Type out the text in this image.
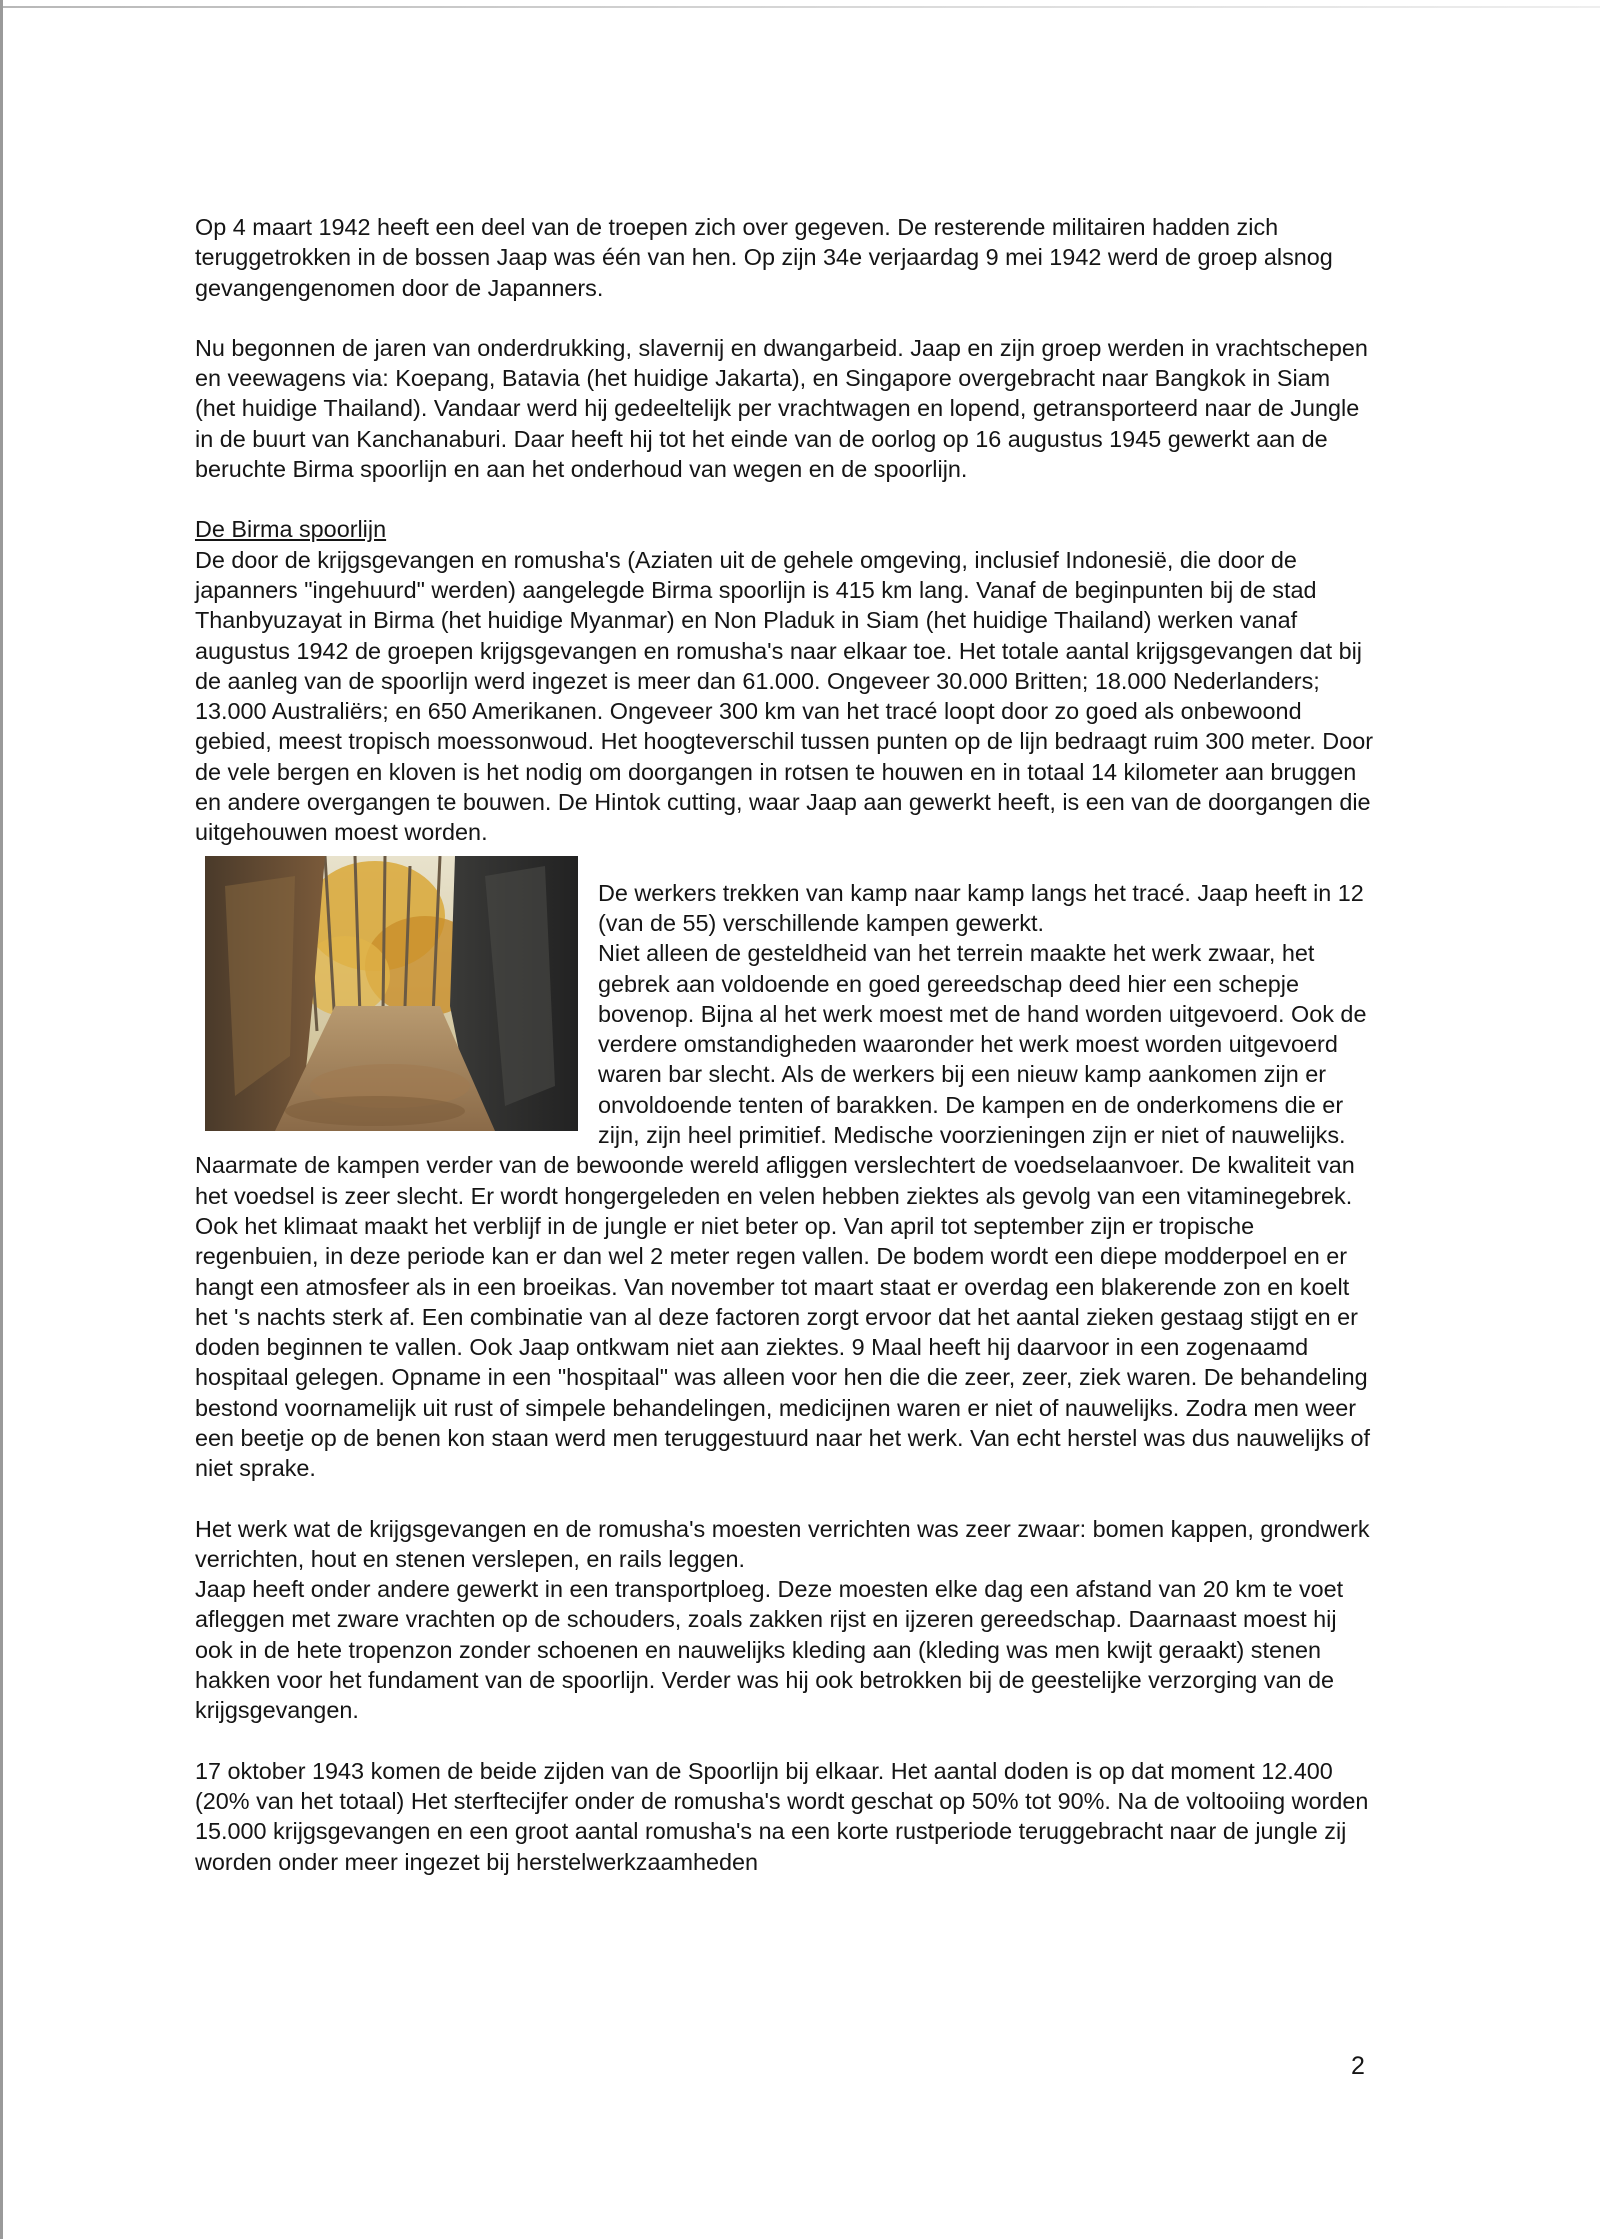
Op 4 maart 1942 heeft een deel van de troepen zich over gegeven. De resterende militairen hadden zich teruggetrokken in de bossen Jaap was één van hen. Op zijn 34e verjaardag 9 mei 1942 werd de groep alsnog gevangengenomen door de Japanners.

Nu begonnen de jaren van onderdrukking, slavernij en dwangarbeid. Jaap en zijn groep werden in vrachtschepen en veewagens via: Koepang, Batavia (het huidige Jakarta), en Singapore overgebracht naar Bangkok in Siam (het huidige Thailand). Vandaar werd hij gedeeltelijk per vrachtwagen en lopend, getransporteerd naar de Jungle in de buurt van Kanchanaburi. Daar heeft hij tot het einde van de oorlog op 16 augustus 1945 gewerkt aan de beruchte Birma spoorlijn en aan het onderhoud van wegen en de spoorlijn.

De Birma spoorlijn

De door de krijgsgevangen en romusha's (Aziaten uit de gehele omgeving, inclusief Indonesië, die door de japanners "ingehuurd" werden) aangelegde Birma spoorlijn is 415 km lang. Vanaf de beginpunten bij de stad Thanbyuzayat in Birma (het huidige Myanmar) en Non Pladuk in Siam (het huidige Thailand) werken vanaf augustus 1942 de groepen krijgsgevangen en romusha's naar elkaar toe. Het totale aantal krijgsgevangen dat bij de aanleg van de spoorlijn werd ingezet is meer dan 61.000. Ongeveer 30.000 Britten; 18.000 Nederlanders; 13.000 Australiërs; en 650 Amerikanen. Ongeveer 300 km van het tracé loopt door zo goed als onbewoond gebied, meest tropisch moessonwoud. Het hoogteverschil tussen punten op de lijn bedraagt ruim 300 meter. Door de vele bergen en kloven is het nodig om doorgangen in rotsen te houwen en in totaal 14 kilometer aan bruggen en andere overgangen te bouwen. De Hintok cutting, waar Jaap aan gewerkt heeft, is een van de doorgangen die uitgehouwen moest worden.

De werkers trekken van kamp naar kamp langs het tracé. Jaap heeft in 12 (van de 55) verschillende kampen gewerkt.

Niet alleen de gesteldheid van het terrein maakte het werk zwaar, het gebrek aan voldoende en goed gereedschap deed hier een schepje bovenop. Bijna al het werk moest met de hand worden uitgevoerd. Ook de verdere omstandigheden waaronder het werk moest worden uitgevoerd waren bar slecht. Als de werkers bij een nieuw kamp aankomen zijn er onvoldoende tenten of barakken. De kampen en de onderkomens die er zijn, zijn heel primitief. Medische voorzieningen zijn er niet of nauwelijks. Naarmate de kampen verder van de bewoonde wereld afliggen verslechtert de voedselaanvoer. De kwaliteit van het voedsel is zeer slecht. Er wordt hongergeleden en velen hebben ziektes als gevolg van een vitaminegebrek.

Ook het klimaat maakt het verblijf in de jungle er niet beter op. Van april tot september zijn er tropische regenbuien, in deze periode kan er dan wel 2 meter regen vallen. De bodem wordt een diepe modderpoel en er hangt een atmosfeer als in een broeikas. Van november tot maart staat er overdag een blakerende zon en koelt het 's nachts sterk af. Een combinatie van al deze factoren zorgt ervoor dat het aantal zieken gestaag stijgt en er doden beginnen te vallen. Ook Jaap ontkwam niet aan ziektes. 9 Maal heeft hij daarvoor in een zogenaamd hospitaal gelegen. Opname in een "hospitaal" was alleen voor hen die die zeer, zeer, ziek waren. De behandeling bestond voornamelijk uit rust of simpele behandelingen, medicijnen waren er niet of nauwelijks. Zodra men weer een beetje op de benen kon staan werd men teruggestuurd naar het werk. Van echt herstel was dus nauwelijks of niet sprake.

Het werk wat de krijgsgevangen en de romusha's moesten verrichten was zeer zwaar: bomen kappen, grondwerk verrichten, hout en stenen verslepen, en rails leggen.

Jaap heeft onder andere gewerkt in een transportploeg. Deze moesten elke dag een afstand van 20 km te voet afleggen met zware vrachten op de schouders, zoals zakken rijst en ijzeren gereedschap. Daarnaast moest hij ook in de hete tropenzon zonder schoenen en nauwelijks kleding aan (kleding was men kwijt geraakt) stenen hakken voor het fundament van de spoorlijn. Verder was hij ook betrokken bij de geestelijke verzorging van de krijgsgevangen.

17 oktober 1943 komen de beide zijden van de Spoorlijn bij elkaar. Het aantal doden is op dat moment 12.400 (20% van het totaal) Het sterftecijfer onder de romusha's wordt geschat op 50% tot 90%. Na de voltooiing worden 15.000 krijgsgevangen en een groot aantal romusha's na een korte rustperiode teruggebracht naar de jungle zij worden onder meer ingezet bij herstelwerkzaamheden

2
